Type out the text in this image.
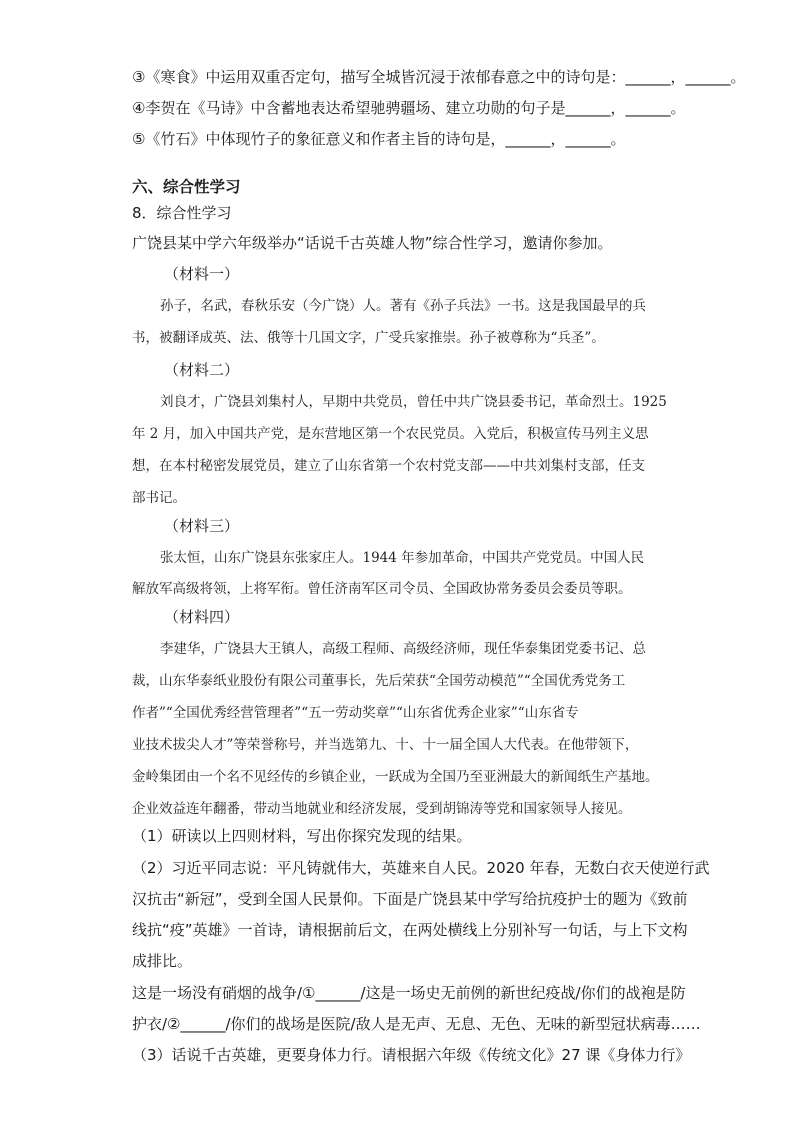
③《寒食》中运用双重否定句，描写全城皆沉浸于浓郁春意之中的诗句是：______，______。
④李贺在《马诗》中含蓄地表达希望驰骋疆场、建立功勋的句子是______，______。
⑤《竹石》中体现竹子的象征意义和作者主旨的诗句是，______，______。
六、综合性学习
8．综合性学习
广饶县某中学六年级举办“话说千古英雄人物”综合性学习，邀请你参加。
（材料一）
孙子，名武，春秋乐安（今广饶）人。著有《孙子兵法》一书。这是我国最早的兵
书，被翻译成英、法、俄等十几国文字，广受兵家推崇。孙子被尊称为“兵圣”。
（材料二）
刘良才，广饶县刘集村人，早期中共党员，曾任中共广饶县委书记，革命烈士。1925
年 2 月，加入中国共产党，是东营地区第一个农民党员。入党后，积极宣传马列主义思
想，在本村秘密发展党员，建立了山东省第一个农村党支部——中共刘集村支部，任支
部书记。
（材料三）
张太恒，山东广饶县东张家庄人。1944 年参加革命，中国共产党党员。中国人民
解放军高级将领，上将军衔。曾任济南军区司令员、全国政协常务委员会委员等职。
（材料四）
李建华，广饶县大王镇人，高级工程师、高级经济师，现任华泰集团党委书记、总
裁，山东华泰纸业股份有限公司董事长，先后荣获“全国劳动模范”“全国优秀党务工
作者”“全国优秀经营管理者”“五一劳动奖章”“山东省优秀企业家”“山东省专
业技术拔尖人才”等荣誉称号，并当选第九、十、十一届全国人大代表。在他带领下，
金岭集团由一个名不见经传的乡镇企业，一跃成为全国乃至亚洲最大的新闻纸生产基地。
企业效益连年翻番，带动当地就业和经济发展，受到胡锦涛等党和国家领导人接见。
（1）研读以上四则材料，写出你探究发现的结果。
（2）习近平同志说：平凡铸就伟大，英雄来自人民。2020 年春，无数白衣天使逆行武
汉抗击“新冠”，受到全国人民景仰。下面是广饶县某中学写给抗疫护士的题为《致前
线抗“疫”英雄》一首诗，请根据前后文，在两处横线上分别补写一句话，与上下文构
成排比。
这是一场没有硝烟的战争/①______/这是一场史无前例的新世纪疫战/你们的战袍是防
护衣/②______/你们的战场是医院/敌人是无声、无息、无色、无味的新型冠状病毒……
（3）话说千古英雄，更要身体力行。请根据六年级《传统文化》27 课《身体力行》
